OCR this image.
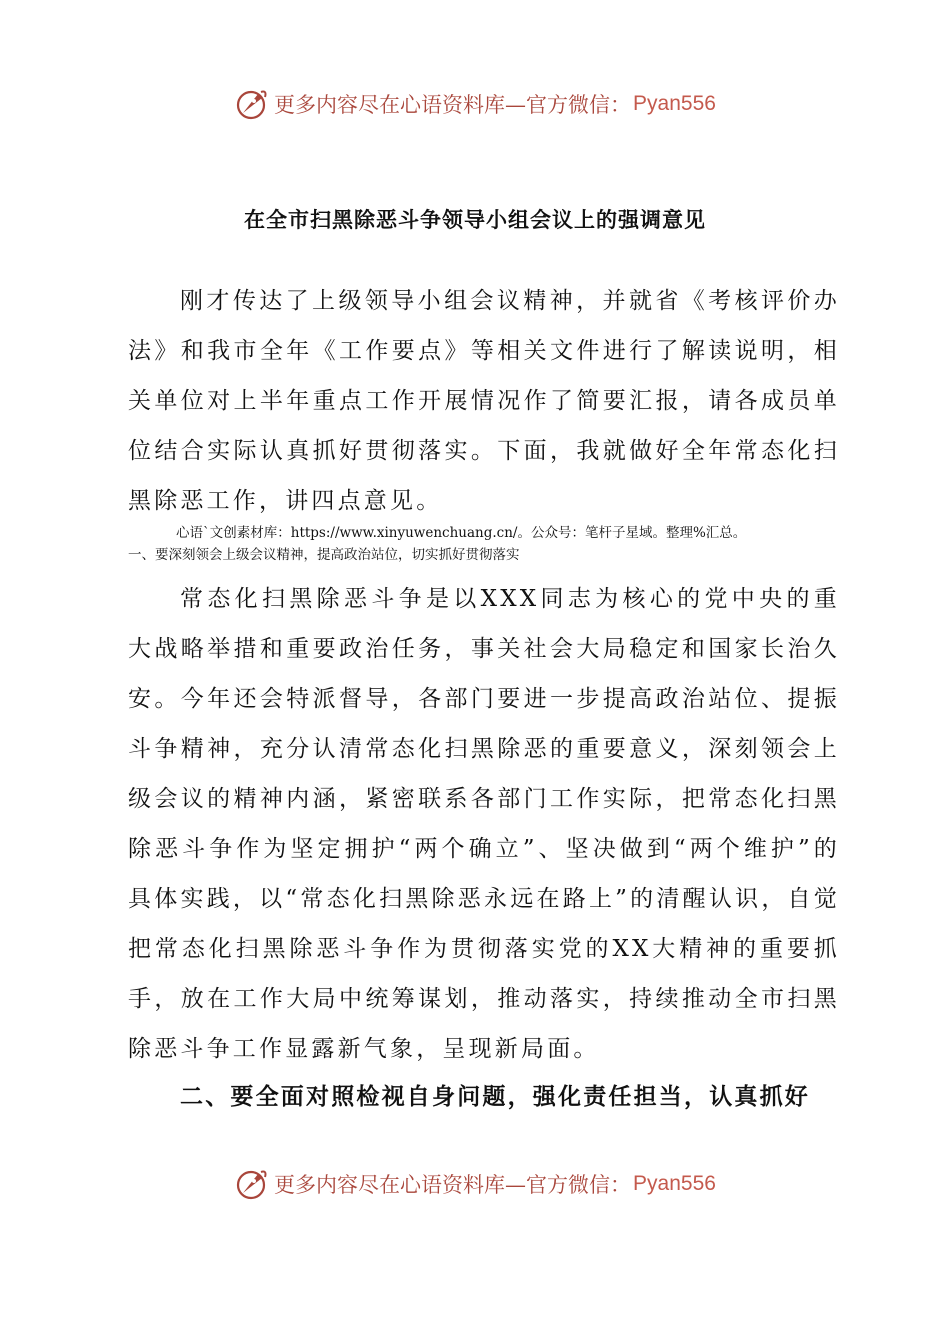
更多内容尽在心语资料库—官方微信： Pyan556
在全市扫黑除恶斗争领导小组会议上的强调意见

刚才传达了上级领导小组会议精神，并就省《考核评价办法》和我市全年《工作要点》等相关文件进行了解读说明，相关单位对上半年重点工作开展情况作了简要汇报，请各成员单位结合实际认真抓好贯彻落实。下面，我就做好全年常态化扫黑除恶工作，讲四点意见。

心语`文创素材库：https://www.xinyuwenchuang.cn/。公众号：笔杆子星域。整理%汇总。
一、要深刻领会上级会议精神，提高政治站位，切实抓好贯彻落实

常态化扫黑除恶斗争是以XXX同志为核心的党中央的重大战略举措和重要政治任务，事关社会大局稳定和国家长治久安。今年还会特派督导，各部门要进一步提高政治站位、提振斗争精神，充分认清常态化扫黑除恶的重要意义，深刻领会上级会议的精神内涵，紧密联系各部门工作实际，把常态化扫黑除恶斗争作为坚定拥护“两个确立”、坚决做到“两个维护”的具体实践，以“常态化扫黑除恶永远在路上”的清醒认识，自觉把常态化扫黑除恶斗争作为贯彻落实党的XX大精神的重要抓手，放在工作大局中统筹谋划，推动落实，持续推动全市扫黑除恶斗争工作显露新气象，呈现新局面。

二、要全面对照检视自身问题，强化责任担当，认真抓好
更多内容尽在心语资料库—官方微信： Pyan556
